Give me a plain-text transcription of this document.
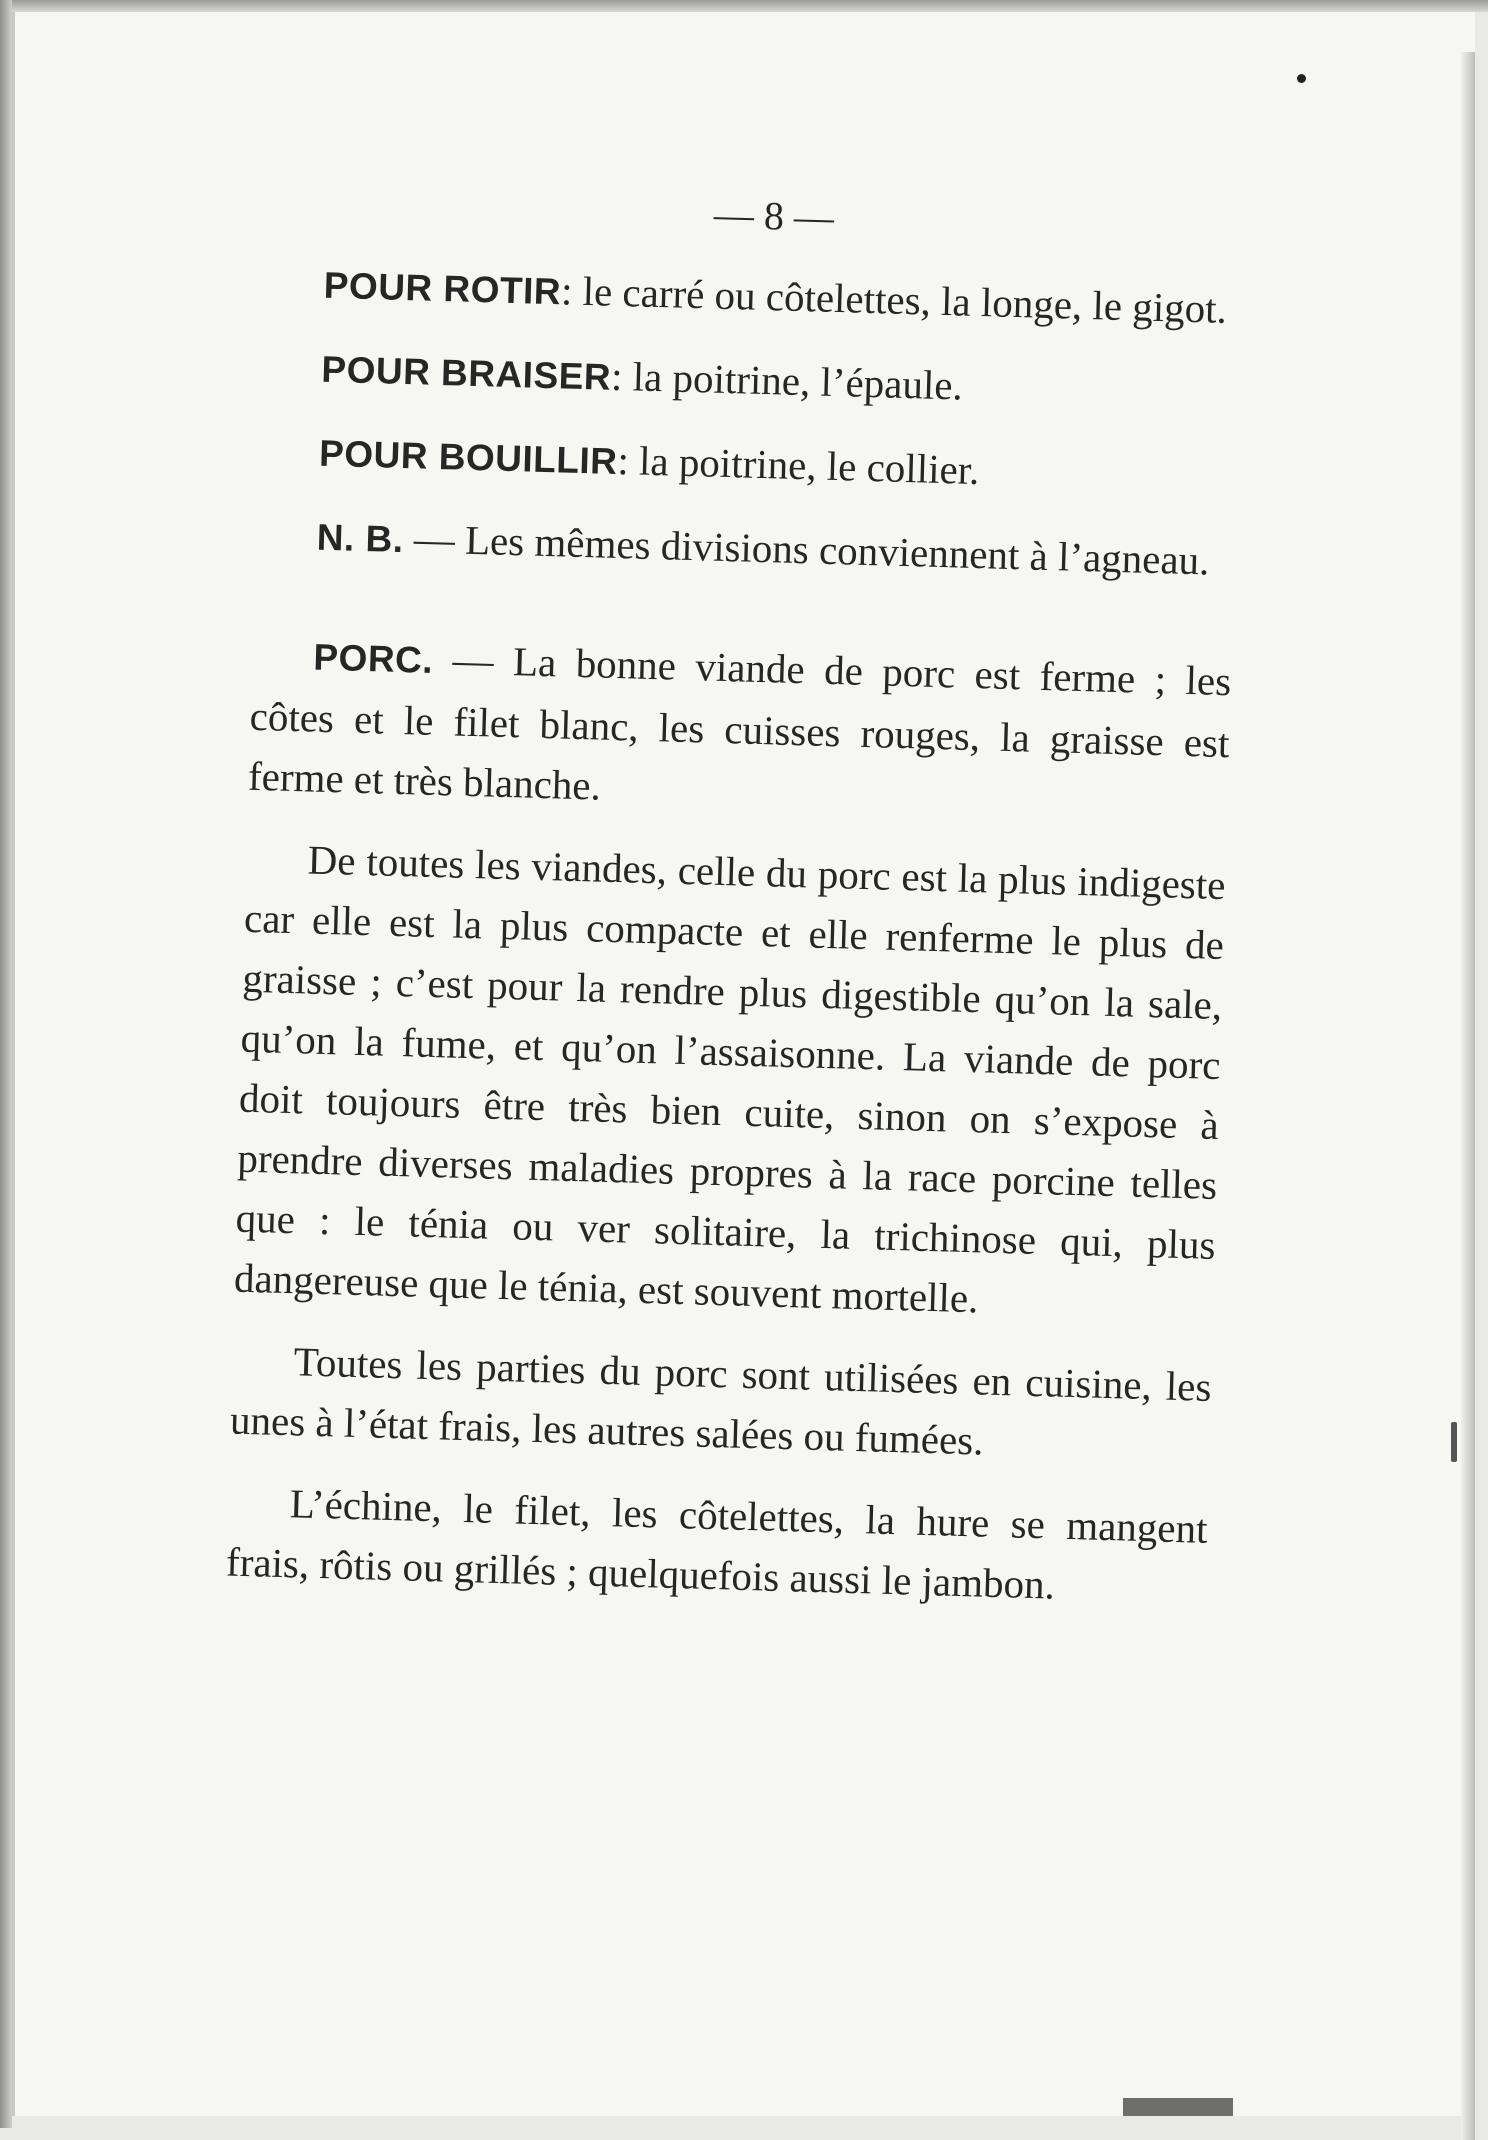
— 8 —

POUR ROTIR: le carré ou côtelettes, la longe, le gigot.

POUR BRAISER: la poitrine, l’épaule.

POUR BOUILLIR: la poitrine, le collier.

N. B. — Les mêmes divisions conviennent à l’agneau.

PORC. — La bonne viande de porc est ferme ; les côtes et le filet blanc, les cuisses rouges, la graisse est ferme et très blanche.

De toutes les viandes, celle du porc est la plus indigeste car elle est la plus compacte et elle renferme le plus de graisse ; c’est pour la rendre plus digestible qu’on la sale, qu’on la fume, et qu’on l’assaisonne. La viande de porc doit toujours être très bien cuite, sinon on s’expose à prendre diverses maladies propres à la race porcine telles que : le ténia ou ver solitaire, la trichinose qui, plus dangereuse que le ténia, est souvent mortelle.

Toutes les parties du porc sont utilisées en cuisine, les unes à l’état frais, les autres salées ou fumées.

L’échine, le filet, les côtelettes, la hure se mangent frais, rôtis ou grillés ; quelquefois aussi le jambon.
